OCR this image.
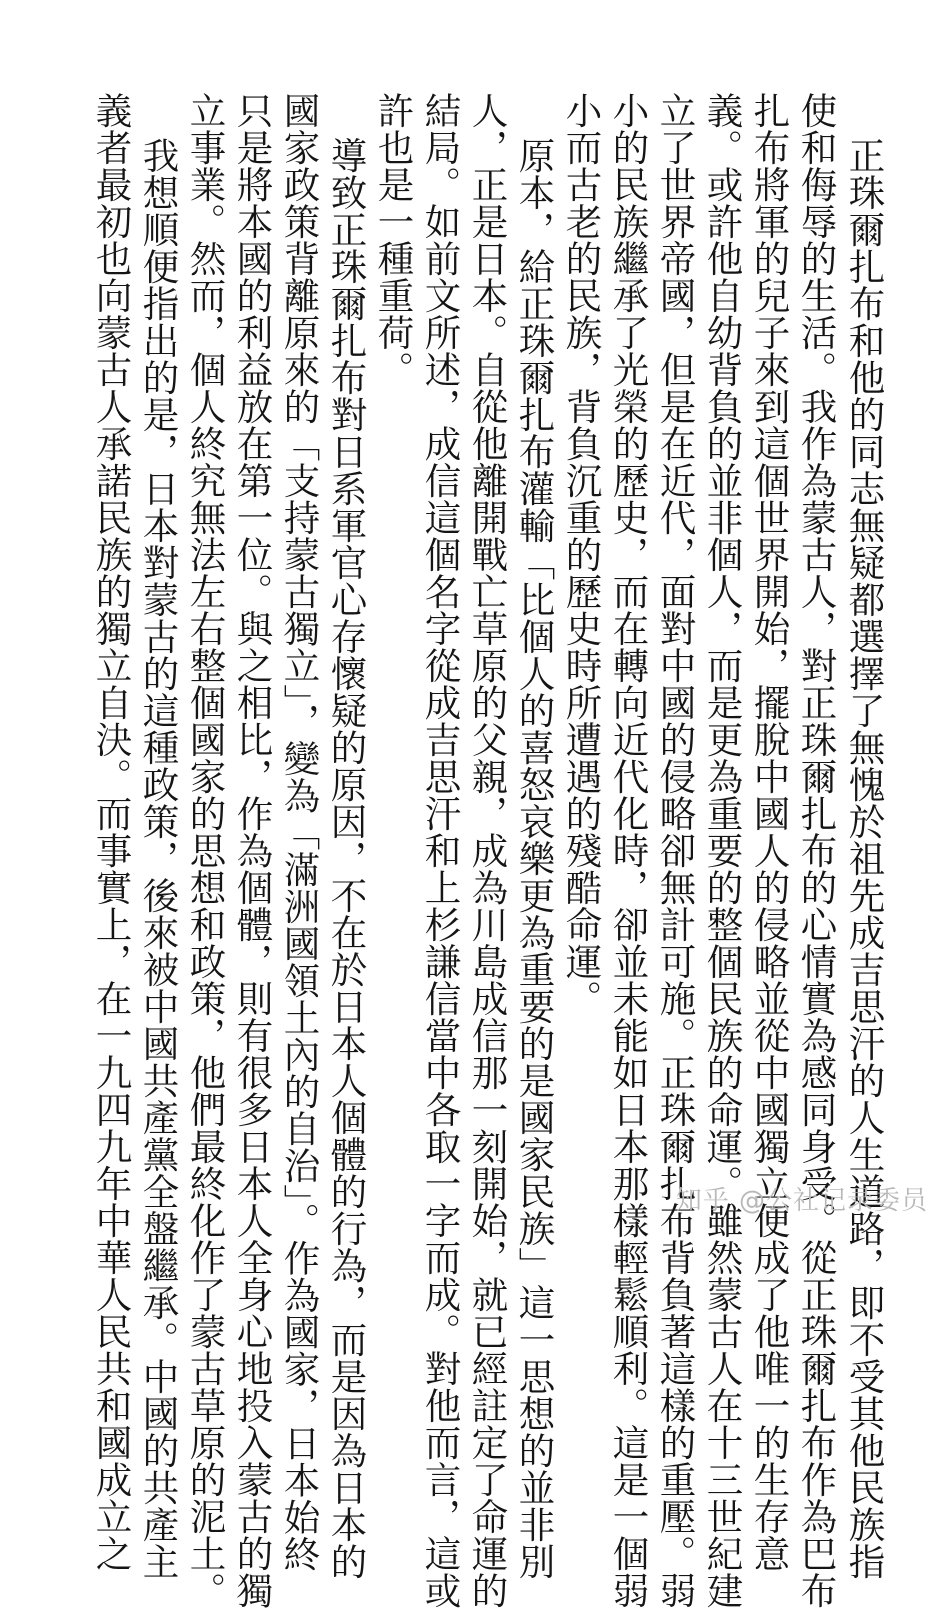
正珠爾扎布和他的同志無疑都選擇了無愧於祖先成吉思汗的人生道路，即不受其他民族指
使和侮辱的生活。我作為蒙古人，對正珠爾扎布的心情實為感同身受。從正珠爾扎布作為巴布
扎布將軍的兒子來到這個世界開始，擺脫中國人的侵略並從中國獨立便成了他唯一的生存意
義。或許他自幼背負的並非個人，而是更為重要的整個民族的命運。雖然蒙古人在十三世紀建
立了世界帝國，但是在近代，面對中國的侵略卻無計可施。正珠爾扎布背負著這樣的重壓。弱
小的民族繼承了光榮的歷史，而在轉向近代化時，卻並未能如日本那樣輕鬆順利。這是一個弱
小而古老的民族，背負沉重的歷史時所遭遇的殘酷命運。
原本，給正珠爾扎布灌輸「比個人的喜怒哀樂更為重要的是國家民族」這一思想的並非別
人，正是日本。自從他離開戰亡草原的父親，成為川島成信那一刻開始，就已經註定了命運的
結局。如前文所述，成信這個名字從成吉思汗和上杉謙信當中各取一字而成。對他而言，這或
許也是一種重荷。
導致正珠爾扎布對日系軍官心存懷疑的原因，不在於日本人個體的行為，而是因為日本的
國家政策背離原來的「支持蒙古獨立」，變為「滿洲國領土內的自治」。作為國家，日本始終
只是將本國的利益放在第一位。與之相比，作為個體，則有很多日本人全身心地投入蒙古的獨
立事業。然而，個人終究無法左右整個國家的思想和政策，他們最終化作了蒙古草原的泥土。
我想順便指出的是，日本對蒙古的這種政策，後來被中國共產黨全盤繼承。中國的共產主
義者最初也向蒙古人承諾民族的獨立自決。而事實上，在一九四九年中華人民共和國成立之	知乎 @公社记录委员
